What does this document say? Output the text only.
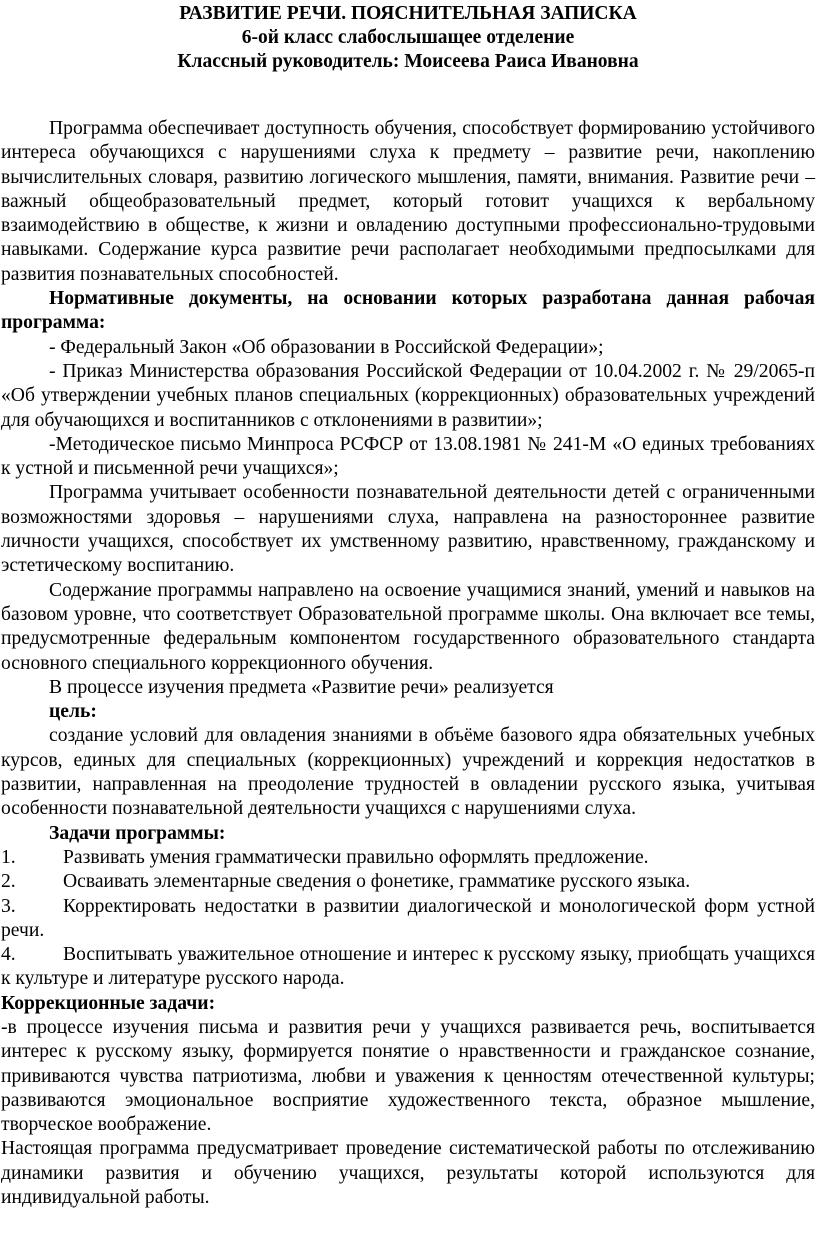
РАЗВИТИЕ РЕЧИ. ПОЯСНИТЕЛЬНАЯ ЗАПИСКА
6-ой класс слабослышащее отделение
Классный руководитель: Моисеева Раиса Ивановна

Программа обеспечивает доступность обучения, способствует формированию устойчивого интереса обучающихся с нарушениями слуха к предмету – развитие речи, накоплению вычислительных словаря, развитию логического мышления, памяти, внимания. Развитие речи – важный общеобразовательный предмет, который готовит учащихся к вербальному взаимодействию в обществе, к жизни и овладению доступными профессионально-трудовыми навыками. Содержание курса развитие речи располагает необходимыми предпосылками для развития познавательных способностей.

Нормативные документы, на основании которых разработана данная рабочая программа:

- Федеральный Закон «Об образовании в Российской Федерации»;

- Приказ Министерства образования Российской Федерации от 10.04.2002 г. № 29/2065-п «Об утверждении учебных планов специальных (коррекционных) образовательных учреждений для обучающихся и воспитанников с отклонениями в развитии»;

-Методическое письмо Минпроса РСФСР от 13.08.1981 № 241-М «О единых требованиях к устной и письменной речи учащихся»;

Программа учитывает особенности познавательной деятельности детей с ограниченными возможностями здоровья – нарушениями слуха, направлена на разностороннее развитие личности учащихся, способствует их умственному развитию, нравственному, гражданскому и эстетическому воспитанию.

Содержание программы направлено на освоение учащимися знаний, умений и навыков на базовом уровне, что соответствует Образовательной программе школы. Она включает все темы, предусмотренные федеральным компонентом государственного образовательного стандарта основного специального коррекционного обучения.

В процессе изучения предмета «Развитие речи» реализуется

цель:

создание условий для овладения знаниями в объёме базового ядра обязательных учебных курсов, единых для специальных (коррекционных) учреждений и коррекция недостатков в развитии, направленная на преодоление трудностей в овладении русского языка, учитывая особенности познавательной деятельности учащихся с нарушениями слуха.

Задачи программы:

1. Развивать умения грамматически правильно оформлять предложение.
2. Осваивать элементарные сведения о фонетике, грамматике русского языка.
3. Корректировать недостатки в развитии диалогической и монологической форм устной речи.
4. Воспитывать уважительное отношение и интерес к русскому языку, приобщать учащихся к культуре и литературе русского народа.

Коррекционные задачи:

-в процессе изучения письма и развития речи у учащихся развивается речь, воспитывается интерес к русскому языку, формируется понятие о нравственности и гражданское сознание, прививаются чувства патриотизма, любви и уважения к ценностям отечественной культуры; развиваются эмоциональное восприятие художественного текста, образное мышление, творческое воображение.

Настоящая программа предусматривает проведение систематической работы по отслеживанию динамики развития и обучению учащихся, результаты которой используются для индивидуальной работы.
